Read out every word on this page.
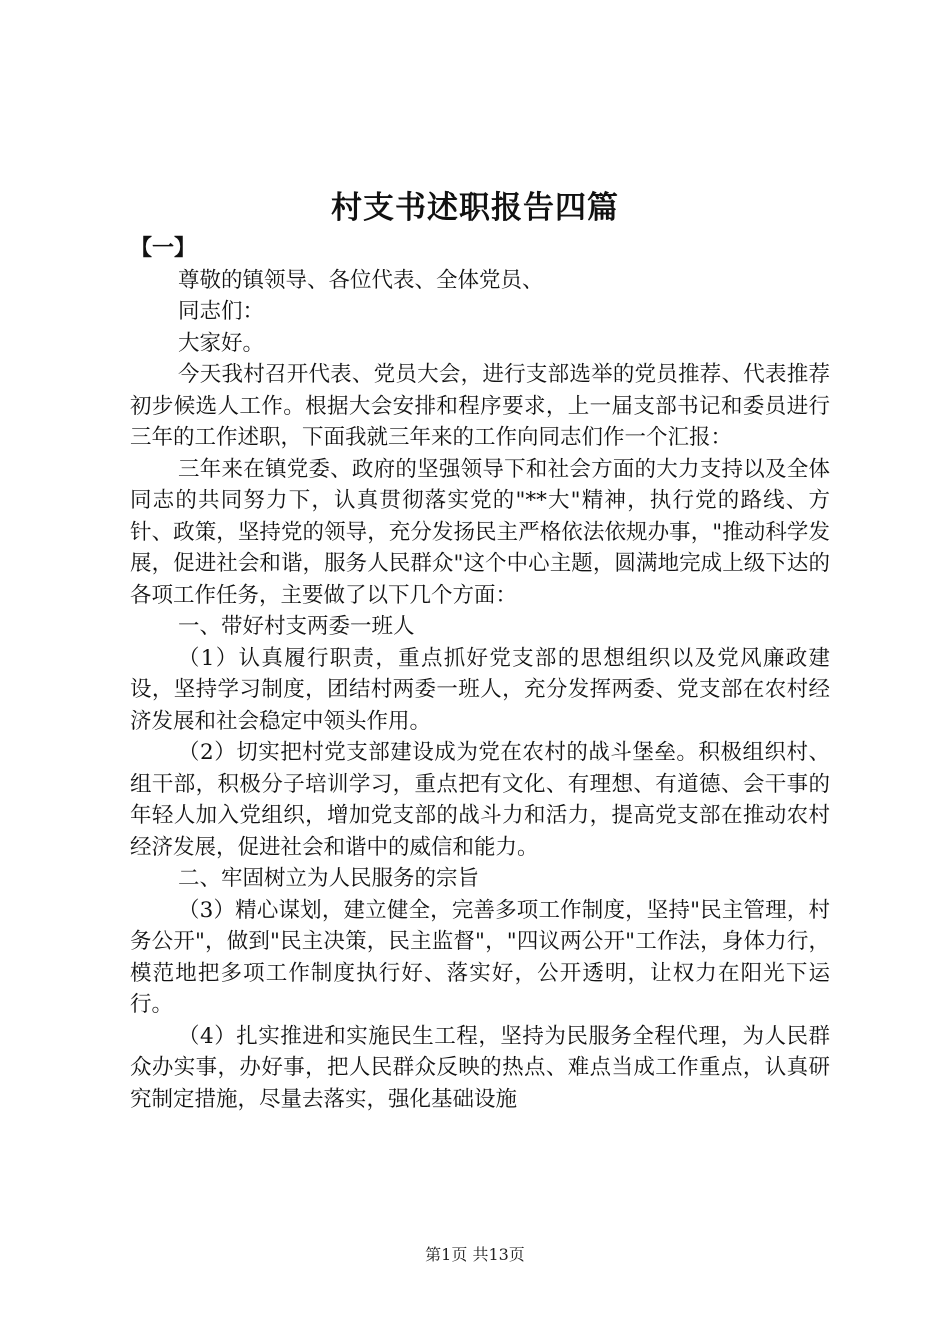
村支书述职报告四篇

【一】

尊敬的镇领导、各位代表、全体党员、

同志们：

大家好。

今天我村召开代表、党员大会，进行支部选举的党员推荐、代表推荐初步候选人工作。根据大会安排和程序要求，上一届支部书记和委员进行三年的工作述职，下面我就三年来的工作向同志们作一个汇报：

三年来在镇党委、政府的坚强领导下和社会方面的大力支持以及全体同志的共同努力下，认真贯彻落实党的"**大"精神，执行党的路线、方针、政策，坚持党的领导，充分发扬民主严格依法依规办事，"推动科学发展，促进社会和谐，服务人民群众"这个中心主题，圆满地完成上级下达的各项工作任务，主要做了以下几个方面：

一、带好村支两委一班人

（1）认真履行职责，重点抓好党支部的思想组织以及党风廉政建设，坚持学习制度，团结村两委一班人，充分发挥两委、党支部在农村经济发展和社会稳定中领头作用。

（2）切实把村党支部建设成为党在农村的战斗堡垒。积极组织村、组干部，积极分子培训学习，重点把有文化、有理想、有道德、会干事的年轻人加入党组织，增加党支部的战斗力和活力，提高党支部在推动农村经济发展，促进社会和谐中的威信和能力。

二、牢固树立为人民服务的宗旨

（3）精心谋划，建立健全，完善多项工作制度，坚持"民主管理，村务公开"，做到"民主决策，民主监督"，"四议两公开"工作法，身体力行，模范地把多项工作制度执行好、落实好，公开透明，让权力在阳光下运行。

（4）扎实推进和实施民生工程，坚持为民服务全程代理，为人民群众办实事，办好事，把人民群众反映的热点、难点当成工作重点，认真研究制定措施，尽量去落实，强化基础设施

第1页 共13页
